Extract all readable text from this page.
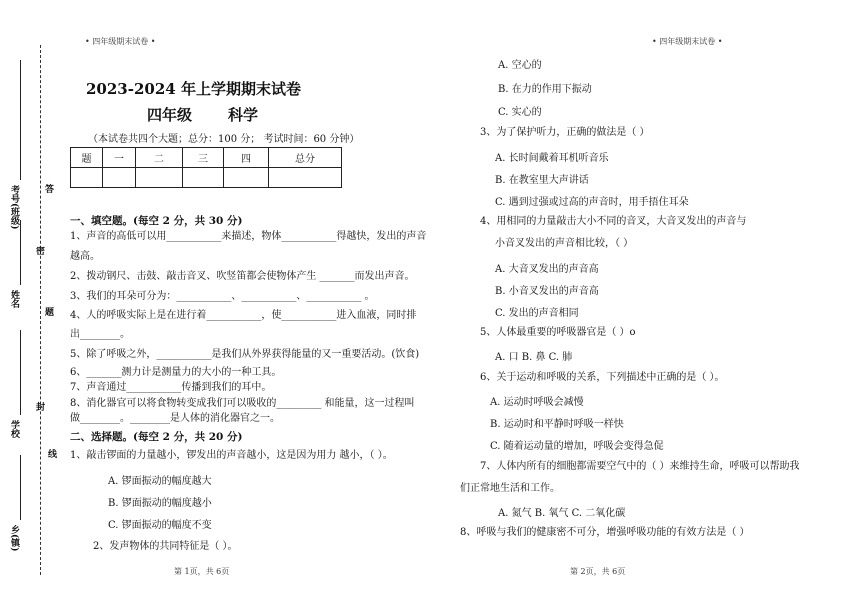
考号(班级)
姓名
学校
乡(镇)
答
密
题
封
线
• 四年级期末试卷 •	• 四年级期末试卷 •
2023-2024 年上学期期末试卷
四年级 科学
（本试卷共四个大题；总分：100 分； 考试时间：60 分钟）
题	一	二	三	四	总分

一、填空题。(每空 2 分，共 30 分)
1、声音的高低可以用___________来描述，物体___________得越快，发出的声音
越高。
2、拨动钢尺、击鼓、敲击音叉、吹竖笛都会使物体产生 _______而发出声音。
3、我们的耳朵可分为：___________、___________、___________ 。
4、人的呼吸实际上是在进行着___________，使___________进入血液，同时排
出________。
5、除了呼吸之外，___________是我们从外界获得能量的又一重要活动。(饮食)
6、_______测力计是测量力的大小的一种工具。
7、声音通过___________传播到我们的耳中。
8、消化器官可以将食物转变成我们可以吸收的_________ 和能量，这一过程叫
做________。________是人体的消化器官之一。
二、选择题。(每空 2 分，共 20 分)
1、敲击锣面的力量越小，锣发出的声音越小，这是因为用力 越小，（ ）。
A. 锣面振动的幅度越大
B. 锣面振动的幅度越小
C. 锣面振动的幅度不变
2、发声物体的共同特征是（ ）。
A. 空心的
B. 在力的作用下振动
C. 实心的
3、为了保护听力，正确的做法是（ ）
A. 长时间戴着耳机听音乐
B. 在教室里大声讲话
C. 遇到过强或过高的声音时，用手捂住耳朵
4、用相同的力量敲击大小不同的音叉，大音叉发出的声音与
小音叉发出的声音相比较，（ ）
A. 大音叉发出的声音高
B. 小音叉发出的声音高
C. 发出的声音相同
5、人体最重要的呼吸器官是（ ）o
A. 口 B. 鼻 C. 肺
6、关于运动和呼吸的关系，下列描述中正确的是（ ）。
A. 运动时呼吸会减慢
B. 运动时和平静时呼吸一样快
C. 随着运动量的增加，呼吸会变得急促
7、人体内所有的细胞都需要空气中的（ ）来维持生命，呼吸可以帮助我
们正常地生活和工作。
A. 氮气 B. 氧气 C. 二氧化碳
8、呼吸与我们的健康密不可分，增强呼吸功能的有效方法是（ ）
第 1页，共 6页	第 2页，共 6页
